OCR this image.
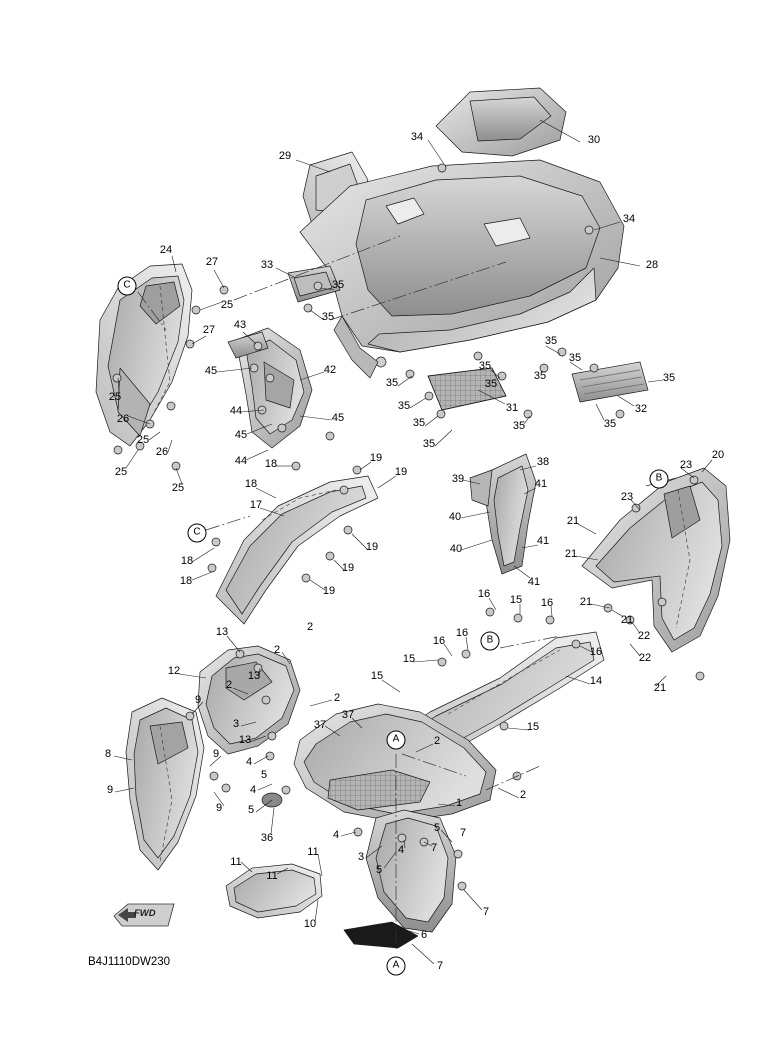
FWD
B4J1110DW230
34	30
29
34
28
24
27	33
25
35
35
27 43
45	42
35
35
35
35
35
35
35
32
25
26
44
45
45
35	31
35	35	35
25
26
25
25
44 18
35
19
19
38
39
23
20
41
23
18
17
40	21
19
18
41
40	21
19
18	41
19
21
22
21
16 15 16
13	2
16
16
16	22
12
2
15
21
9
2
13
2
15	14
3
13
37
37
8	9
4
2
15
9
9
5
4
5
2
1
36	4
5 7
11
11
11	3
4 7
5
7
10
6
7
C
C
B
B
A
A
